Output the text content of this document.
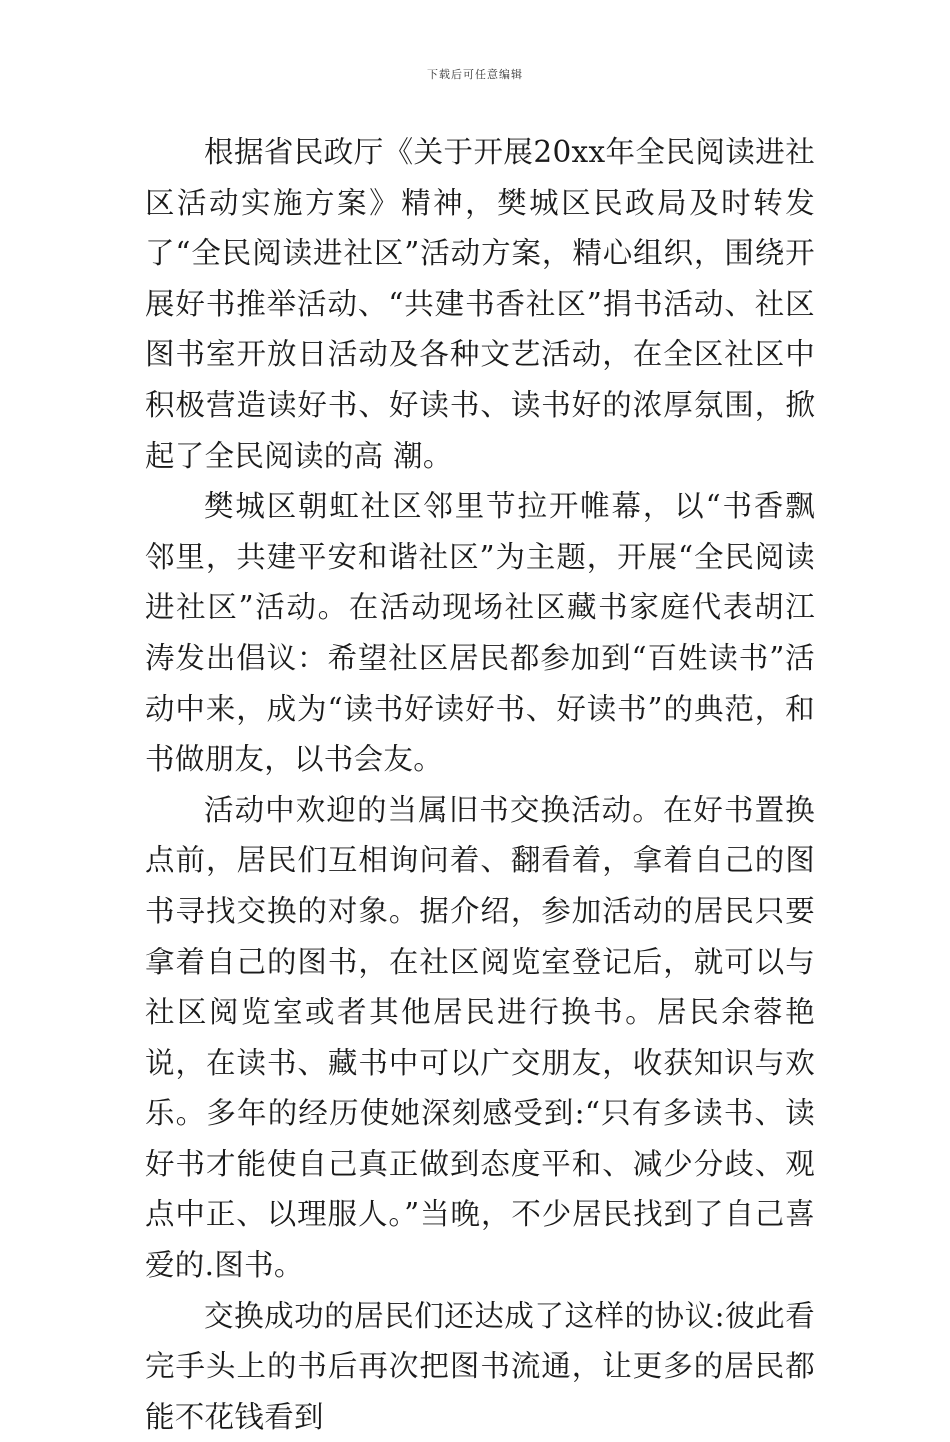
下载后可任意编辑

根据省民政厅《关于开展20xx年全民阅读进社区活动实施方案》精神，樊城区民政局及时转发了“全民阅读进社区”活动方案，精心组织，围绕开展好书推举活动、“共建书香社区”捐书活动、社区图书室开放日活动及各种文艺活动，在全区社区中积极营造读好书、好读书、读书好的浓厚氛围，掀起了全民阅读的高 潮。

樊城区朝虹社区邻里节拉开帷幕，以“书香飘邻里，共建平安和谐社区”为主题，开展“全民阅读进社区”活动。在活动现场社区藏书家庭代表胡江涛发出倡议：希望社区居民都参加到“百姓读书”活动中来，成为“读书好读好书、好读书”的典范，和书做朋友，以书会友。

活动中欢迎的当属旧书交换活动。在好书置换点前，居民们互相询问着、翻看着，拿着自己的图书寻找交换的对象。据介绍，参加活动的居民只要拿着自己的图书，在社区阅览室登记后，就可以与社区阅览室或者其他居民进行换书。居民余蓉艳说，在读书、藏书中可以广交朋友，收获知识与欢乐。多年的经历使她深刻感受到:“只有多读书、读好书才能使自己真正做到态度平和、减少分歧、观点中正、以理服人。”当晚，不少居民找到了自己喜爱的.图书。

交换成功的居民们还达成了这样的协议:彼此看完手头上的书后再次把图书流通，让更多的居民都能不花钱看到
